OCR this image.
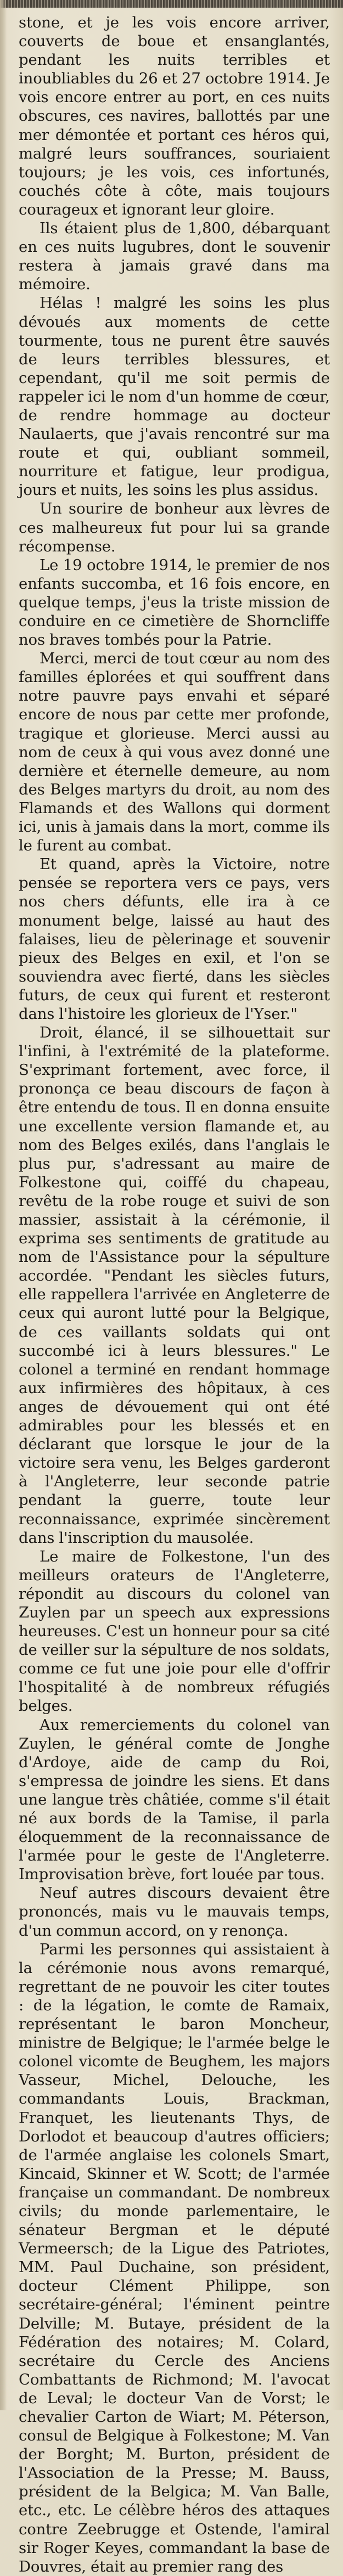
stone, et je les vois encore arriver, couverts de boue et ensanglantés, pendant les nuits terribles et inoubliables du 26 et 27 octobre 1914. Je vois encore entrer au port, en ces nuits obscures, ces navires, ballottés par une mer démontée et portant ces héros qui, malgré leurs souffrances, souriaient toujours; je les vois, ces infortunés, couchés côte à côte, mais toujours courageux et ignorant leur gloire.

Ils étaient plus de 1,800, débarquant en ces nuits lugubres, dont le souvenir restera à jamais gravé dans ma mémoire.

Hélas ! malgré les soins les plus dévoués aux moments de cette tourmente, tous ne purent être sauvés de leurs terribles blessures, et cependant, qu'il me soit permis de rappeler ici le nom d'un homme de cœur, de rendre hommage au docteur Naulaerts, que j'avais rencontré sur ma route et qui, oubliant sommeil, nourriture et fatigue, leur prodigua, jours et nuits, les soins les plus assidus.

Un sourire de bonheur aux lèvres de ces malheureux fut pour lui sa grande récompense.

Le 19 octobre 1914, le premier de nos enfants succomba, et 16 fois encore, en quelque temps, j'eus la triste mission de conduire en ce cimetière de Shorncliffe nos braves tombés pour la Patrie.

Merci, merci de tout cœur au nom des familles éplorées et qui souffrent dans notre pauvre pays envahi et séparé encore de nous par cette mer profonde, tragique et glorieuse. Merci aussi au nom de ceux à qui vous avez donné une dernière et éternelle demeure, au nom des Belges martyrs du droit, au nom des Flamands et des Wallons qui dorment ici, unis à jamais dans la mort, comme ils le furent au combat.

Et quand, après la Victoire, notre pensée se reportera vers ce pays, vers nos chers défunts, elle ira à ce monument belge, laissé au haut des falaises, lieu de pèlerinage et souvenir pieux des Belges en exil, et l'on se souviendra avec fierté, dans les siècles futurs, de ceux qui furent et resteront dans l'histoire les glorieux de l'Yser."

Droit, élancé, il se silhouettait sur l'infini, à l'extrémité de la plateforme. S'exprimant fortement, avec force, il prononça ce beau discours de façon à être entendu de tous. Il en donna ensuite une excellente version flamande et, au nom des Belges exilés, dans l'anglais le plus pur, s'adressant au maire de Folkestone qui, coiffé du chapeau, revêtu de la robe rouge et suivi de son massier, assistait à la cérémonie, il exprima ses sentiments de gratitude au nom de l'Assistance pour la sépulture accordée. "Pendant les siècles futurs, elle rappellera l'arrivée en Angleterre de ceux qui auront lutté pour la Belgique, de ces vaillants soldats qui ont succombé ici à leurs blessures." Le colonel a terminé en rendant hommage aux infirmières des hôpitaux, à ces anges de dévouement qui ont été admirables pour les blessés et en déclarant que lorsque le jour de la victoire sera venu, les Belges garderont à l'Angleterre, leur seconde patrie pendant la guerre, toute leur reconnaissance, exprimée sincèrement dans l'inscription du mausolée.

Le maire de Folkestone, l'un des meilleurs orateurs de l'Angleterre, répondit au discours du colonel van Zuylen par un speech aux expressions heureuses. C'est un honneur pour sa cité de veiller sur la sépulture de nos soldats, comme ce fut une joie pour elle d'offrir l'hospitalité à de nombreux réfugiés belges.

Aux remerciements du colonel van Zuylen, le général comte de Jonghe d'Ardoye, aide de camp du Roi, s'empressa de joindre les siens. Et dans une langue très châtiée, comme s'il était né aux bords de la Tamise, il parla éloquemment de la reconnaissance de l'armée pour le geste de l'Angleterre. Improvisation brève, fort louée par tous.

Neuf autres discours devaient être prononcés, mais vu le mauvais temps, d'un commun accord, on y renonça.

Parmi les personnes qui assistaient à la cérémonie nous avons remarqué, regrettant de ne pouvoir les citer toutes : de la légation, le comte de Ramaix, représentant le baron Moncheur, ministre de Belgique; le l'armée belge le colonel vicomte de Beughem, les majors Vasseur, Michel, Delouche, les commandants Louis, Brackman, Franquet, les lieutenants Thys, de Dorlodot et beaucoup d'autres officiers; de l'armée anglaise les colonels Smart, Kincaid, Skinner et W. Scott; de l'armée française un commandant. De nombreux civils; du monde parlementaire, le sénateur Bergman et le député Vermeersch; de la Ligue des Patriotes, MM. Paul Duchaine, son président, docteur Clément Philippe, son secrétaire-général; l'éminent peintre Delville; M. Butaye, président de la Fédération des notaires; M. Colard, secrétaire du Cercle des Anciens Combattants de Richmond; M. l'avocat de Leval; le docteur Van de Vorst; le chevalier Carton de Wiart; M. Péterson, consul de Belgique à Folkestone; M. Van der Borght; M. Burton, président de l'Association de la Presse; M. Bauss, président de la Belgica; M. Van Balle, etc., etc. Le célèbre héros des attaques contre Zeebrugge et Ostende, l'amiral sir Roger Keyes, commandant la base de Douvres, était au premier rang des
